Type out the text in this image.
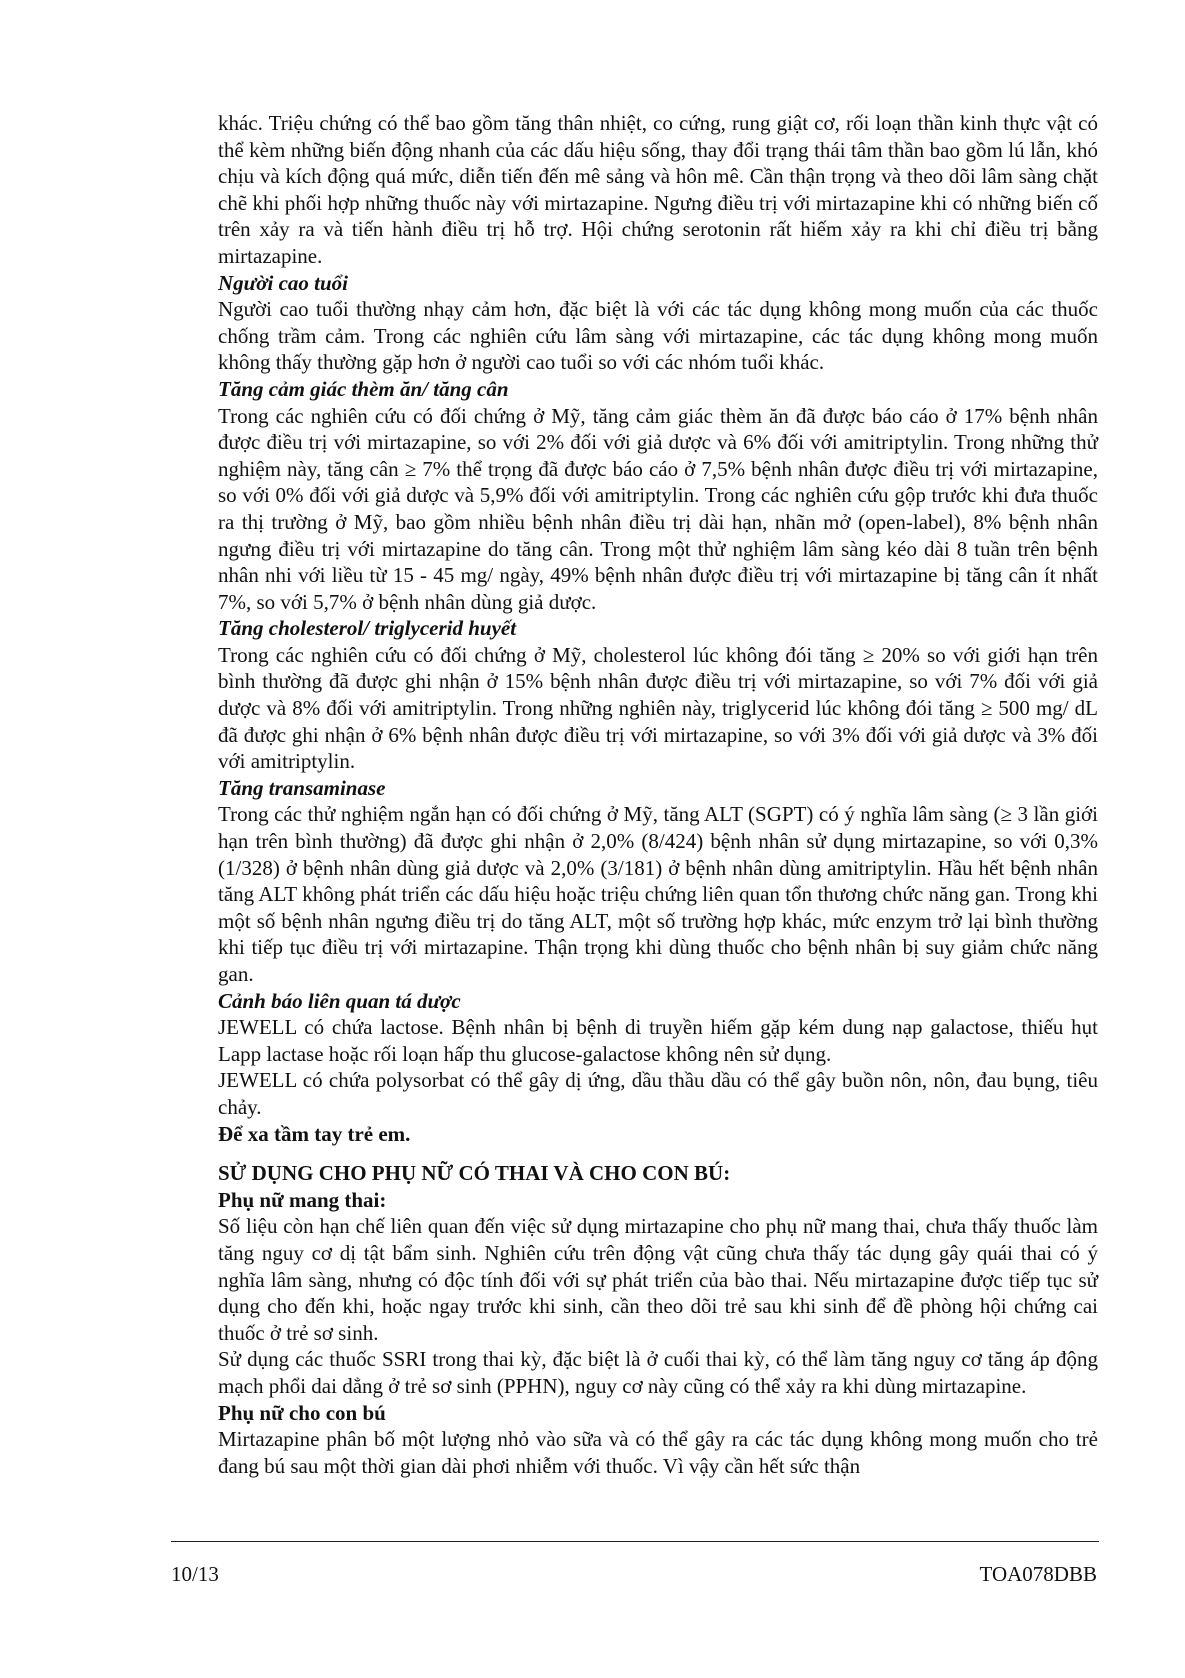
khác. Triệu chứng có thể bao gồm tăng thân nhiệt, co cứng, rung giật cơ, rối loạn thần kinh thực vật có thể kèm những biến động nhanh của các dấu hiệu sống, thay đổi trạng thái tâm thần bao gồm lú lẫn, khó chịu và kích động quá mức, diễn tiến đến mê sảng và hôn mê. Cần thận trọng và theo dõi lâm sàng chặt chẽ khi phối hợp những thuốc này với mirtazapine. Ngưng điều trị với mirtazapine khi có những biến cố trên xảy ra và tiến hành điều trị hỗ trợ. Hội chứng serotonin rất hiếm xảy ra khi chỉ điều trị bằng mirtazapine.

Người cao tuổi

Người cao tuổi thường nhạy cảm hơn, đặc biệt là với các tác dụng không mong muốn của các thuốc chống trầm cảm. Trong các nghiên cứu lâm sàng với mirtazapine, các tác dụng không mong muốn không thấy thường gặp hơn ở người cao tuổi so với các nhóm tuổi khác.

Tăng cảm giác thèm ăn/ tăng cân

Trong các nghiên cứu có đối chứng ở Mỹ, tăng cảm giác thèm ăn đã được báo cáo ở 17% bệnh nhân được điều trị với mirtazapine, so với 2% đối với giả dược và 6% đối với amitriptylin. Trong những thử nghiệm này, tăng cân ≥ 7% thể trọng đã được báo cáo ở 7,5% bệnh nhân được điều trị với mirtazapine, so với 0% đối với giả dược và 5,9% đối với amitriptylin. Trong các nghiên cứu gộp trước khi đưa thuốc ra thị trường ở Mỹ, bao gồm nhiều bệnh nhân điều trị dài hạn, nhãn mở (open-label), 8% bệnh nhân ngưng điều trị với mirtazapine do tăng cân. Trong một thử nghiệm lâm sàng kéo dài 8 tuần trên bệnh nhân nhi với liều từ 15 - 45 mg/ ngày, 49% bệnh nhân được điều trị với mirtazapine bị tăng cân ít nhất 7%, so với 5,7% ở bệnh nhân dùng giả dược.

Tăng cholesterol/ triglycerid huyết

Trong các nghiên cứu có đối chứng ở Mỹ, cholesterol lúc không đói tăng ≥ 20% so với giới hạn trên bình thường đã được ghi nhận ở 15% bệnh nhân được điều trị với mirtazapine, so với 7% đối với giả dược và 8% đối với amitriptylin. Trong những nghiên này, triglycerid lúc không đói tăng ≥ 500 mg/ dL đã được ghi nhận ở 6% bệnh nhân được điều trị với mirtazapine, so với 3% đối với giả dược và 3% đối với amitriptylin.

Tăng transaminase

Trong các thử nghiệm ngắn hạn có đối chứng ở Mỹ, tăng ALT (SGPT) có ý nghĩa lâm sàng (≥ 3 lần giới hạn trên bình thường) đã được ghi nhận ở 2,0% (8/424) bệnh nhân sử dụng mirtazapine, so với 0,3% (1/328) ở bệnh nhân dùng giả dược và 2,0% (3/181) ở bệnh nhân dùng amitriptylin. Hầu hết bệnh nhân tăng ALT không phát triển các dấu hiệu hoặc triệu chứng liên quan tổn thương chức năng gan. Trong khi một số bệnh nhân ngưng điều trị do tăng ALT, một số trường hợp khác, mức enzym trở lại bình thường khi tiếp tục điều trị với mirtazapine. Thận trọng khi dùng thuốc cho bệnh nhân bị suy giảm chức năng gan.

Cảnh báo liên quan tá dược

JEWELL có chứa lactose. Bệnh nhân bị bệnh di truyền hiếm gặp kém dung nạp galactose, thiếu hụt Lapp lactase hoặc rối loạn hấp thu glucose-galactose không nên sử dụng.

JEWELL có chứa polysorbat có thể gây dị ứng, dầu thầu dầu có thể gây buồn nôn, nôn, đau bụng, tiêu chảy.

Để xa tầm tay trẻ em.

SỬ DỤNG CHO PHỤ NỮ CÓ THAI VÀ CHO CON BÚ:

Phụ nữ mang thai:

Số liệu còn hạn chế liên quan đến việc sử dụng mirtazapine cho phụ nữ mang thai, chưa thấy thuốc làm tăng nguy cơ dị tật bẩm sinh. Nghiên cứu trên động vật cũng chưa thấy tác dụng gây quái thai có ý nghĩa lâm sàng, nhưng có độc tính đối với sự phát triển của bào thai. Nếu mirtazapine được tiếp tục sử dụng cho đến khi, hoặc ngay trước khi sinh, cần theo dõi trẻ sau khi sinh để đề phòng hội chứng cai thuốc ở trẻ sơ sinh.

Sử dụng các thuốc SSRI trong thai kỳ, đặc biệt là ở cuối thai kỳ, có thể làm tăng nguy cơ tăng áp động mạch phổi dai dẳng ở trẻ sơ sinh (PPHN), nguy cơ này cũng có thể xảy ra khi dùng mirtazapine.

Phụ nữ cho con bú

Mirtazapine phân bố một lượng nhỏ vào sữa và có thể gây ra các tác dụng không mong muốn cho trẻ đang bú sau một thời gian dài phơi nhiễm với thuốc. Vì vậy cần hết sức thận

10/13	TOA078DBB
